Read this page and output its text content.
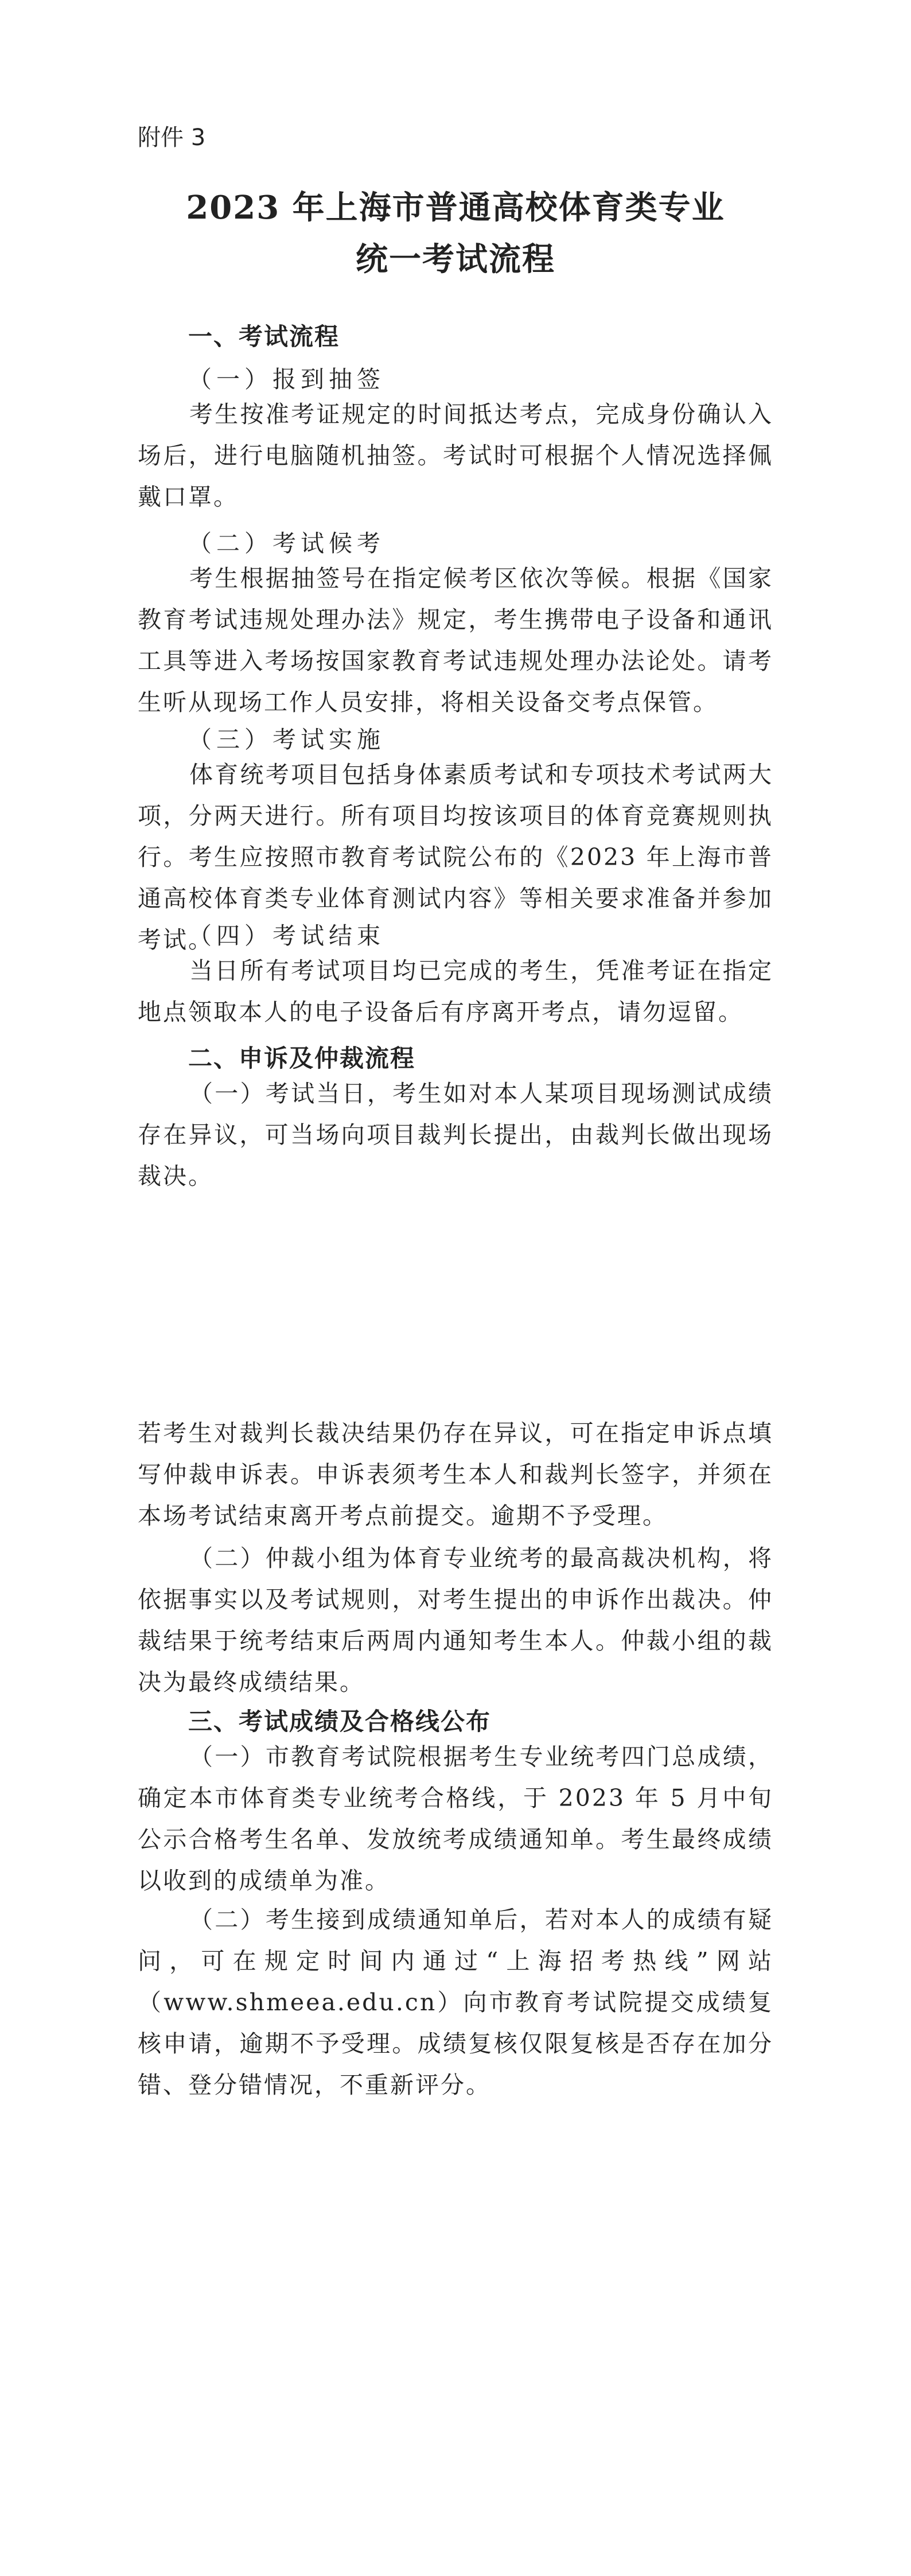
附件 3
2023 年上海市普通高校体育类专业
统一考试流程
一、考试流程
（一）报到抽签

考生按准考证规定的时间抵达考点，完成身份确认入场后，进行电脑随机抽签。考试时可根据个人情况选择佩戴口罩。

（二）考试候考

考生根据抽签号在指定候考区依次等候。根据《国家教育考试违规处理办法》规定，考生携带电子设备和通讯工具等进入考场按国家教育考试违规处理办法论处。请考生听从现场工作人员安排，将相关设备交考点保管。

（三）考试实施

体育统考项目包括身体素质考试和专项技术考试两大项，分两天进行。所有项目均按该项目的体育竞赛规则执行。考生应按照市教育考试院公布的《2023 年上海市普通高校体育类专业体育测试内容》等相关要求准备并参加考试。

（四）考试结束

当日所有考试项目均已完成的考生，凭准考证在指定地点领取本人的电子设备后有序离开考点，请勿逗留。

二、申诉及仲裁流程

（一）考试当日，考生如对本人某项目现场测试成绩存在异议，可当场向项目裁判长提出，由裁判长做出现场裁决。

若考生对裁判长裁决结果仍存在异议，可在指定申诉点填写仲裁申诉表。申诉表须考生本人和裁判长签字，并须在本场考试结束离开考点前提交。逾期不予受理。

（二）仲裁小组为体育专业统考的最高裁决机构，将依据事实以及考试规则，对考生提出的申诉作出裁决。仲裁结果于统考结束后两周内通知考生本人。仲裁小组的裁决为最终成绩结果。

三、考试成绩及合格线公布

（一）市教育考试院根据考生专业统考四门总成绩，确定本市体育类专业统考合格线，于 2023 年 5 月中旬公示合格考生名单、发放统考成绩通知单。考生最终成绩以收到的成绩单为准。

（二）考生接到成绩通知单后，若对本人的成绩有疑问，可在规定时间内通过“上海招考热线”网站（www.shmeea.edu.cn）向市教育考试院提交成绩复核申请，逾期不予受理。成绩复核仅限复核是否存在加分错、登分错情况，不重新评分。
